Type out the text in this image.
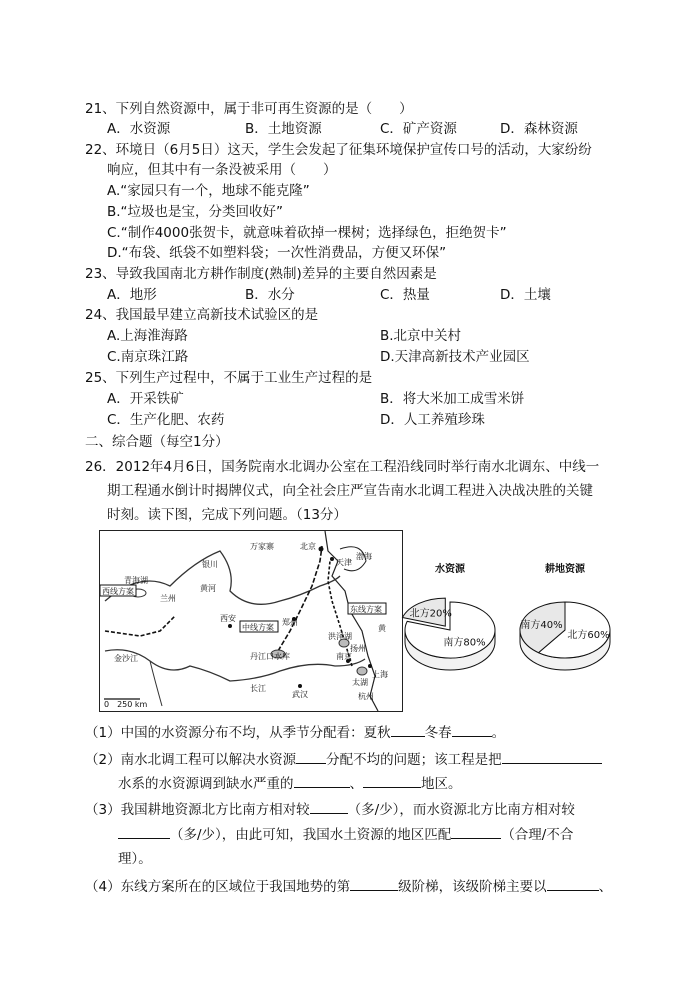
21、下列自然资源中，属于非可再生资源的是（　　）
A．水资源	B．土地资源	C．矿产资源	D．森林资源
22、环境日（6月5日）这天，学生会发起了征集环境保护宣传口号的活动，大家纷纷
响应，但其中有一条没被采用（　　）
A.“家园只有一个，地球不能克隆”
B.“垃圾也是宝，分类回收好”
C.“制作4000张贺卡，就意味着砍掉一棵树；选择绿色，拒绝贺卡”
D.“布袋、纸袋不如塑料袋；一次性消费品，方便又环保”
23、导致我国南北方耕作制度(熟制)差异的主要自然因素是
A．地形	B．水分	C．热量	D．土壤
24、我国最早建立高新技术试验区的是
A.上海淮海路	B.北京中关村
C.南京珠江路	D.天津高新技术产业园区
25、下列生产过程中，不属于工业生产过程的是
A．开采铁矿	B．将大米加工成雪米饼
C．生产化肥、农药	D．人工养殖珍珠
二、综合题（每空1分）
26．2012年4月6日，国务院南水北调办公室在工程沿线同时举行南水北调东、中线一
期工程通水倒计时揭牌仪式，向全社会庄严宣告南水北调工程进入决战决胜的关键
时刻。读下图，完成下列问题。（13分）
西线方案
中线方案
东线方案
北京
天津
渤海
黄
丹江口水库
武汉
上海
南京
扬州
长江
金沙江
黄河
西安
兰州
银川
万家寨
青海湖
郑州
洪泽湖
太湖
杭州
0　250 km
南方80%
北方20%
水资源
北方60%
南方40%
耕地资源
（1）中国的水资源分布不均，从季节分配看：夏秋	冬春	。
（2）南水北调工程可以解决水资源 分配不均的问题；该工程是把
水系的水资源调到缺水严重的	、	地区。
（3）我国耕地资源北方比南方相对较	（多/少），而水资源北方比南方相对较
（多/少），由此可知，我国水土资源的地区匹配	（合理/不合
理）。
（4）东线方案所在的区域位于我国地势的第	级阶梯，该级阶梯主要以	、
